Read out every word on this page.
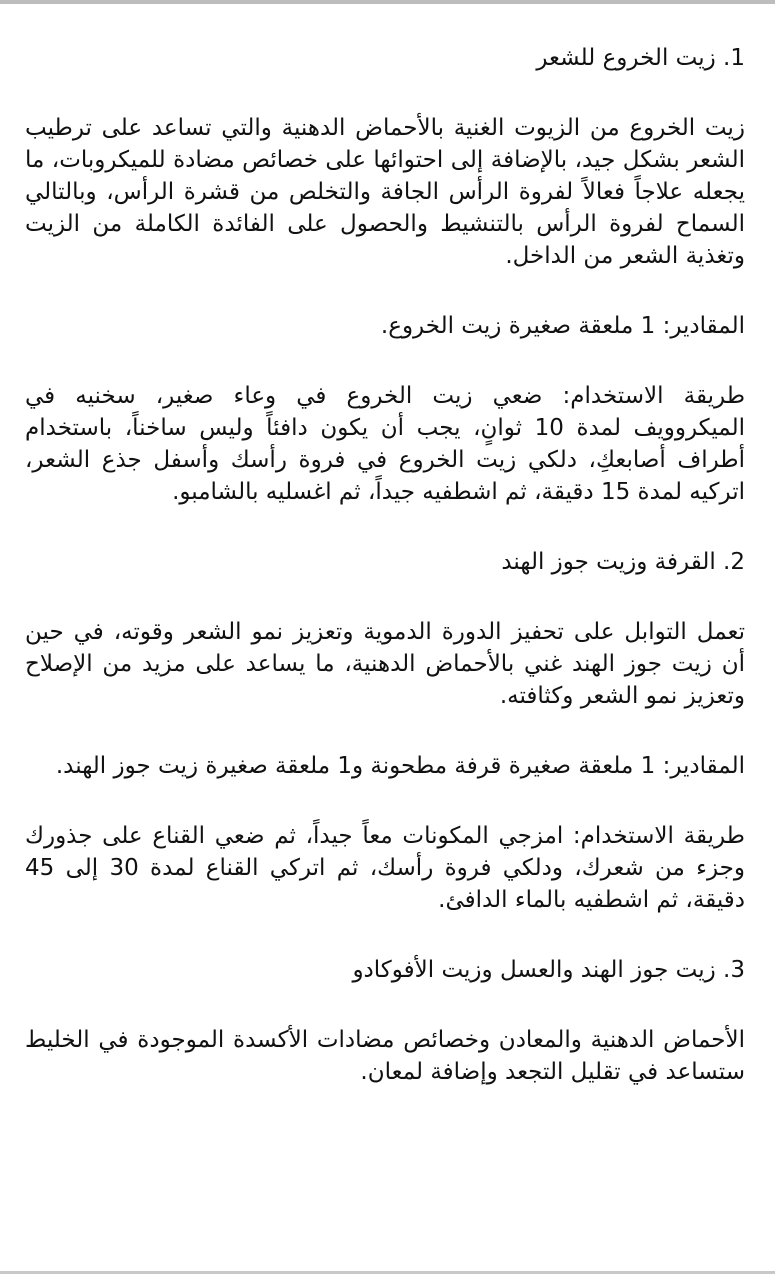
1. زيت الخروع للشعر

زيت الخروع من الزيوت الغنية بالأحماض الدهنية والتي تساعد على ترطيب الشعر بشكل جيد، بالإضافة إلى احتوائها على خصائص مضادة للميكروبات، ما يجعله علاجاً فعالاً لفروة الرأس الجافة والتخلص من قشرة الرأس، وبالتالي السماح لفروة الرأس بالتنشيط والحصول على الفائدة الكاملة من الزيت وتغذية الشعر من الداخل.

المقادير: 1 ملعقة صغيرة زيت الخروع.

طريقة الاستخدام: ضعي زيت الخروع في وعاء صغير، سخنيه في الميكروويف لمدة 10 ثوانٍ، يجب أن يكون دافئاً وليس ساخناً، باستخدام أطراف أصابعكِ، دلكي زيت الخروع في فروة رأسك وأسفل جذع الشعر، اتركيه لمدة 15 دقيقة، ثم اشطفيه جيداً، ثم اغسليه بالشامبو.

2. القرفة وزيت جوز الهند

تعمل التوابل على تحفيز الدورة الدموية وتعزيز نمو الشعر وقوته، في حين أن زيت جوز الهند غني بالأحماض الدهنية، ما يساعد على مزيد من الإصلاح وتعزيز نمو الشعر وكثافته.

المقادير: 1 ملعقة صغيرة قرفة مطحونة و1 ملعقة صغيرة زيت جوز الهند.

طريقة الاستخدام: امزجي المكونات معاً جيداً، ثم ضعي القناع على جذورك وجزء من شعرك، ودلكي فروة رأسك، ثم اتركي القناع لمدة 30 إلى 45 دقيقة، ثم اشطفيه بالماء الدافئ.

3. زيت جوز الهند والعسل وزيت الأفوكادو

الأحماض الدهنية والمعادن وخصائص مضادات الأكسدة الموجودة في الخليط ستساعد في تقليل التجعد وإضافة لمعان.
